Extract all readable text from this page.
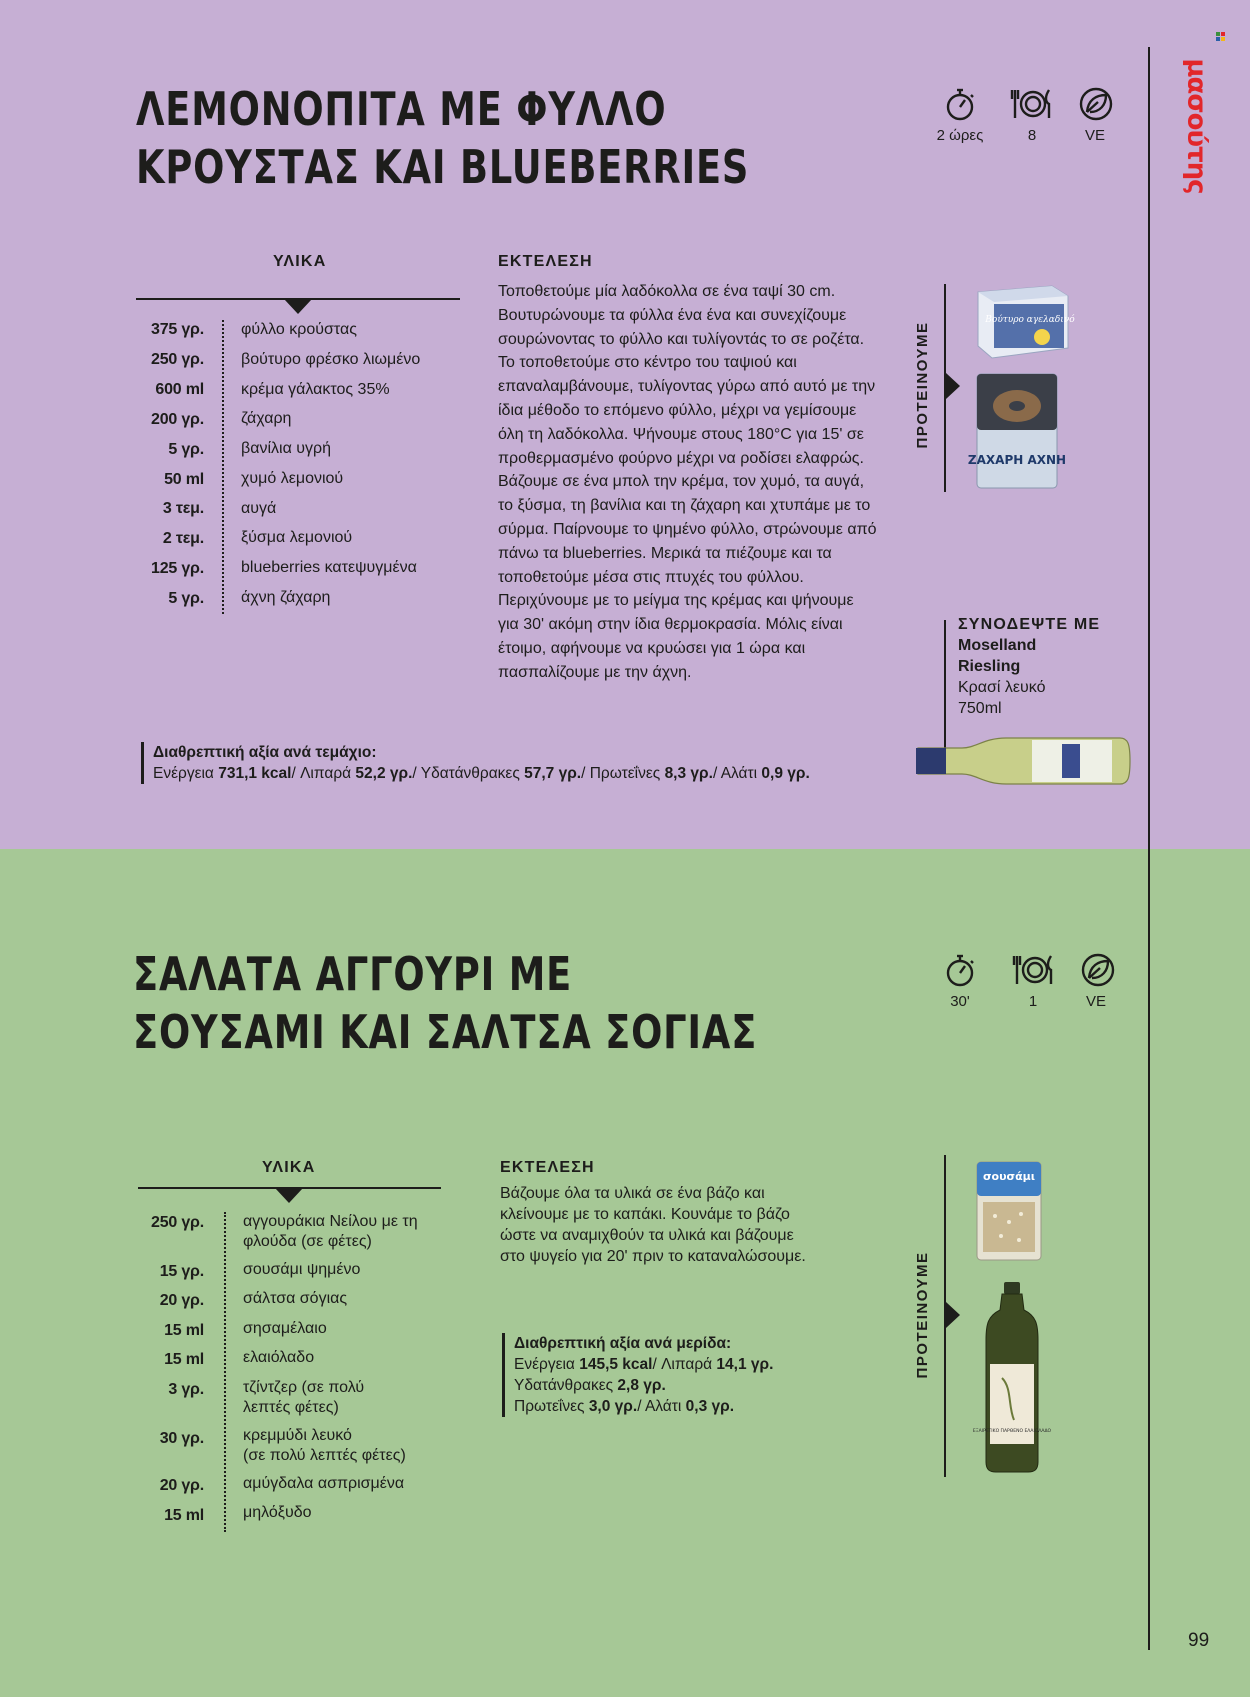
μασούτης
99
ΛΕΜΟΝΟΠΙΤΑ ΜΕ ΦΥΛΛΟ
ΚΡΟΥΣΤΑΣ ΚΑΙ BLUEBERRIES
2 ώρες	8	VE
ΥΛΙΚΑ
375 γρ. φύλλο κρούστας
250 γρ. βούτυρο φρέσκο λιωμένο
600 ml κρέμα γάλακτος 35%
200 γρ. ζάχαρη
5 γρ. βανίλια υγρή
50 ml χυμό λεμονιού
3 τεμ. αυγά
2 τεμ. ξύσμα λεμονιού
125 γρ. blueberries κατεψυγμένα
5 γρ. άχνη ζάχαρη
ΕΚΤΕΛΕΣΗ

Τοποθετούμε μία λαδόκολλα σε ένα ταψί 30 cm. Βουτυρώνουμε τα φύλλα ένα ένα και συνεχίζουμε σουρώνοντας το φύλλο και τυλίγοντάς το σε ροζέτα. Το τοποθετούμε στο κέντρο του ταψιού και επαναλαμβάνουμε, τυλίγοντας γύρω από αυτό με την ίδια μέθοδο το επόμενο φύλλο, μέχρι να γεμίσουμε όλη τη λαδόκολλα. Ψήνουμε στους 180°C για 15' σε προθερμασμένο φούρνο μέχρι να ροδίσει ελαφρώς. Βάζουμε σε ένα μπολ την κρέμα, τον χυμό, τα αυγά, το ξύσμα, τη βανίλια και τη ζάχαρη και χτυπάμε με το σύρμα. Παίρνουμε το ψημένο φύλλο, στρώνουμε από πάνω τα blueberries. Μερικά τα πιέζουμε και τα τοποθετούμε μέσα στις πτυχές του φύλλου. Περιχύνουμε με το μείγμα της κρέμας και ψήνουμε για 30' ακόμη στην ίδια θερμοκρασία. Μόλις είναι έτοιμο, αφήνουμε να κρυώσει για 1 ώρα και πασπαλίζουμε με την άχνη.

ΠΡΟΤΕΙΝΟΥΜΕ
Βούτυρο αγελαδινό
ΖΑΧΑΡΗ ΑΧΝΗ
ΣΥΝΟΔΕΨΤΕ ΜΕ
Moselland
Riesling
Κρασί λευκό
750ml
Διαθρεπτική αξία ανά τεμάχιο:
Ενέργεια 731,1 kcal/ Λιπαρά 52,2 γρ./ Υδατάνθρακες 57,7 γρ./ Πρωτεΐνες 8,3 γρ./ Αλάτι 0,9 γρ.
ΣΑΛΑΤΑ ΑΓΓΟΥΡΙ ΜΕ
ΣΟΥΣΑΜΙ ΚΑΙ ΣΑΛΤΣΑ ΣΟΓΙΑΣ
30'	1	VE
ΥΛΙΚΑ
250 γρ. αγγουράκια Νείλου με τη
φλούδα (σε φέτες)
15 γρ. σουσάμι ψημένο
20 γρ. σάλτσα σόγιας
15 ml σησαμέλαιο
15 ml ελαιόλαδο
3 γρ. τζίντζερ (σε πολύ
λεπτές φέτες)
30 γρ. κρεμμύδι λευκό
(σε πολύ λεπτές φέτες)
20 γρ. αμύγδαλα ασπρισμένα
15 ml μηλόξυδο
ΕΚΤΕΛΕΣΗ

Βάζουμε όλα τα υλικά σε ένα βάζο και κλείνουμε με το καπάκι. Κουνάμε το βάζο ώστε να αναμιχθούν τα υλικά και βάζουμε στο ψυγείο για 20' πριν το καταναλώσουμε.

Διαθρεπτική αξία ανά μερίδα:
Ενέργεια 145,5 kcal/ Λιπαρά 14,1 γρ.
Υδατάνθρακες 2,8 γρ.
Πρωτεΐνες 3,0 γρ./ Αλάτι 0,3 γρ.
ΠΡΟΤΕΙΝΟΥΜΕ
σουσάμι
ΕΞΑΙΡΕΤΙΚΟ ΠΑΡΘΕΝΟ ΕΛΑΙΟΛΑΔΟ
